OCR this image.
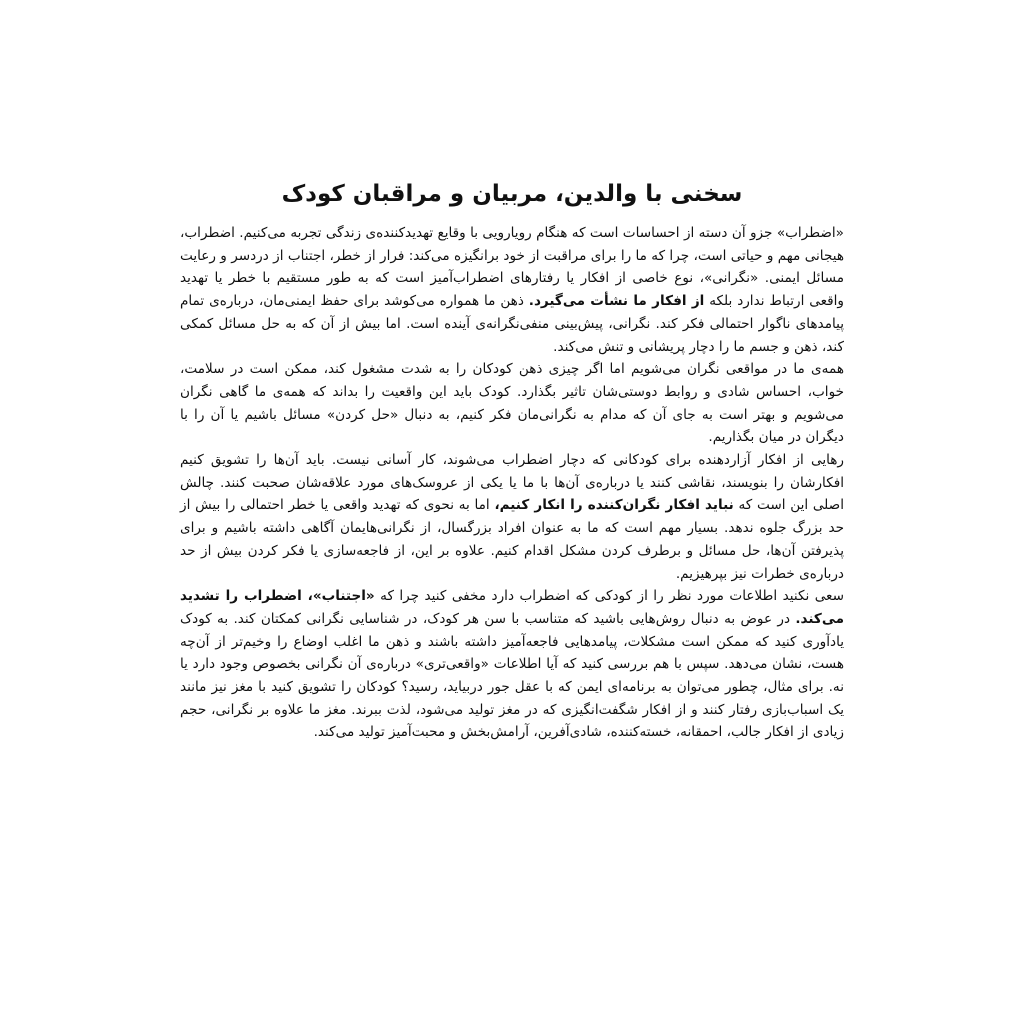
سخنی با والدین، مربیان و مراقبان کودک

«اضطراب» جزو آن دسته از احساسات است که هنگام رویارویی با وقایع تهدیدکننده‌ی زندگی تجربه می‌کنیم. اضطراب، هیجانی مهم و حیاتی است، چرا که ما را برای مراقبت از خود برانگیزه می‌کند: فرار از خطر، اجتناب از دردسر و رعایت مسائل ایمنی. «نگرانی»، نوع خاصی از افکار یا رفتارهای اضطراب‌آمیز است که به طور مستقیم با خطر یا تهدید واقعی ارتباط ندارد بلکه از افکار ما نشأت می‌گیرد. ذهن ما همواره می‌کوشد برای حفظ ایمنی‌مان، درباره‌ی تمام پیامدهای ناگوار احتمالی فکر کند. نگرانی، پیش‌بینی منفی‌نگرانه‌ی آینده است. اما بیش از آن که به حل مسائل کمکی کند، ذهن و جسم ما را دچار پریشانی و تنش می‌کند.

همه‌ی ما در مواقعی نگران می‌شویم اما اگر چیزی ذهن کودکان را به شدت مشغول کند، ممکن است در سلامت، خواب، احساس شادی و روابط دوستی‌شان تاثیر بگذارد. کودک باید این واقعیت را بداند که همه‌ی ما گاهی نگران می‌شویم و بهتر است به جای آن که مدام به نگرانی‌مان فکر کنیم، به دنبال «حل کردن» مسائل باشیم یا آن را با دیگران در میان بگذاریم.

رهایی از افکار آزاردهنده برای کودکانی که دچار اضطراب می‌شوند، کار آسانی نیست. باید آن‌ها را تشویق کنیم افکارشان را بنویسند، نقاشی کنند یا درباره‌ی آن‌ها با ما یا یکی از عروسک‌های مورد علاقه‌شان صحبت کنند. چالش اصلی این است که نباید افکار نگران‌کننده را انکار کنیم، اما به نحوی که تهدید واقعی یا خطر احتمالی را بیش از حد بزرگ جلوه ندهد. بسیار مهم است که ما به عنوان افراد بزرگسال، از نگرانی‌هایمان آگاهی داشته باشیم و برای پذیرفتن آن‌ها، حل مسائل و برطرف کردن مشکل اقدام کنیم. علاوه بر این، از فاجعه‌سازی یا فکر کردن بیش از حد درباره‌ی خطرات نیز بپرهیزیم.

سعی نکنید اطلاعات مورد نظر را از کودکی که اضطراب دارد مخفی کنید چرا که «اجتناب»، اضطراب را تشدید می‌کند. در عوض به دنبال روش‌هایی باشید که متناسب با سن هر کودک، در شناسایی نگرانی کمکتان کند. به کودک یادآوری کنید که ممکن است مشکلات، پیامدهایی فاجعه‌آمیز داشته باشند و ذهن ما اغلب اوضاع را وخیم‌تر از آن‌چه هست، نشان می‌دهد. سپس با هم بررسی کنید که آیا اطلاعات «واقعی‌تری» درباره‌ی آن نگرانی بخصوص وجود دارد یا نه. برای مثال، چطور می‌توان به برنامه‌ای ایمن که با عقل جور دربیاید، رسید؟ کودکان را تشویق کنید با مغز نیز مانند یک اسباب‌بازی رفتار کنند و از افکار شگفت‌انگیزی که در مغز تولید می‌شود، لذت ببرند. مغز ما علاوه بر نگرانی، حجم زیادی از افکار جالب، احمقانه، خسته‌کننده، شادی‌آفرین، آرامش‌بخش و محبت‌آمیز تولید می‌کند.
